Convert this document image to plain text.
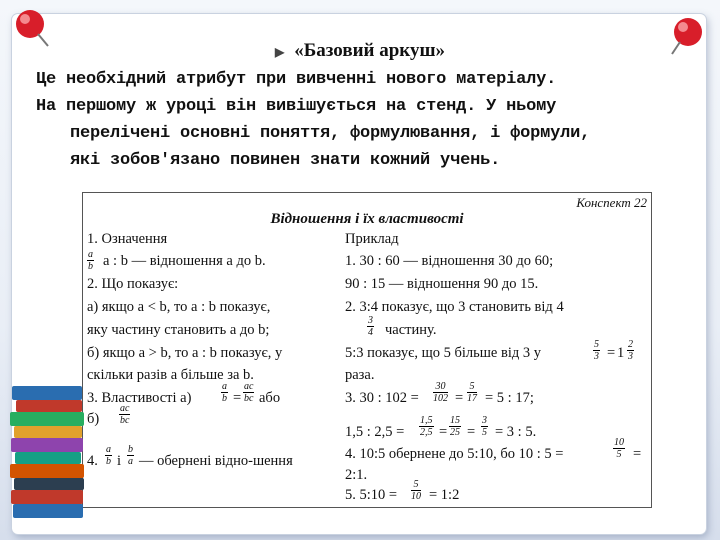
▶ «Базовий аркуш»

Це необхідний атрибут при вивченні нового матеріалу.

На першому ж уроці він вивішується на стенд. У ньому

перелічені основні поняття, формулювання, і формули,

які зобов'язано повинен знати кожний учень.

Конспект 22
Відношення і їх властивості
1. Означення
$\frac{a}{b}$ a : b — відношення a до b.
2. Що показує:
а) якщо a < b, то a : b показує,
яку частину становить a до b;
б) якщо a > b, то a : b показує, у
скільки разів a більше за b.
3. Властивості а)	$\frac{a}{b} = \frac{ac}{bc}$ або
$б) \frac{ac}{bc}$
4. $\frac{a}{b}$ і $\frac{b}{a}$ — обернені відно-шення
Приклад
1. 30 : 60 — відношення 30 до 60;
90 : 15 — відношення 90 до 15.
2. 3:4 показує, що 3 становить від 4
$\frac{3}{4}$ частину.
5:3 показує, що 5 більше від 3 у	$\frac{5}{3} = 1 \frac{2}{3}$
раза.
3. 30 : $102 = \frac{30}{102} = \frac{5}{17} = 5$ : 17;
1,5 : $2,5 = \frac{1,5}{2,5} = \frac{15}{25} = \frac{3}{5} = 3$ : 5.
4. 10:5 обернене до 5:10, бо 10 : 5 =	$\frac{10}{5}$ =
2:1.
5. 5:10 = $\frac{5}{10}$ = 1:2
